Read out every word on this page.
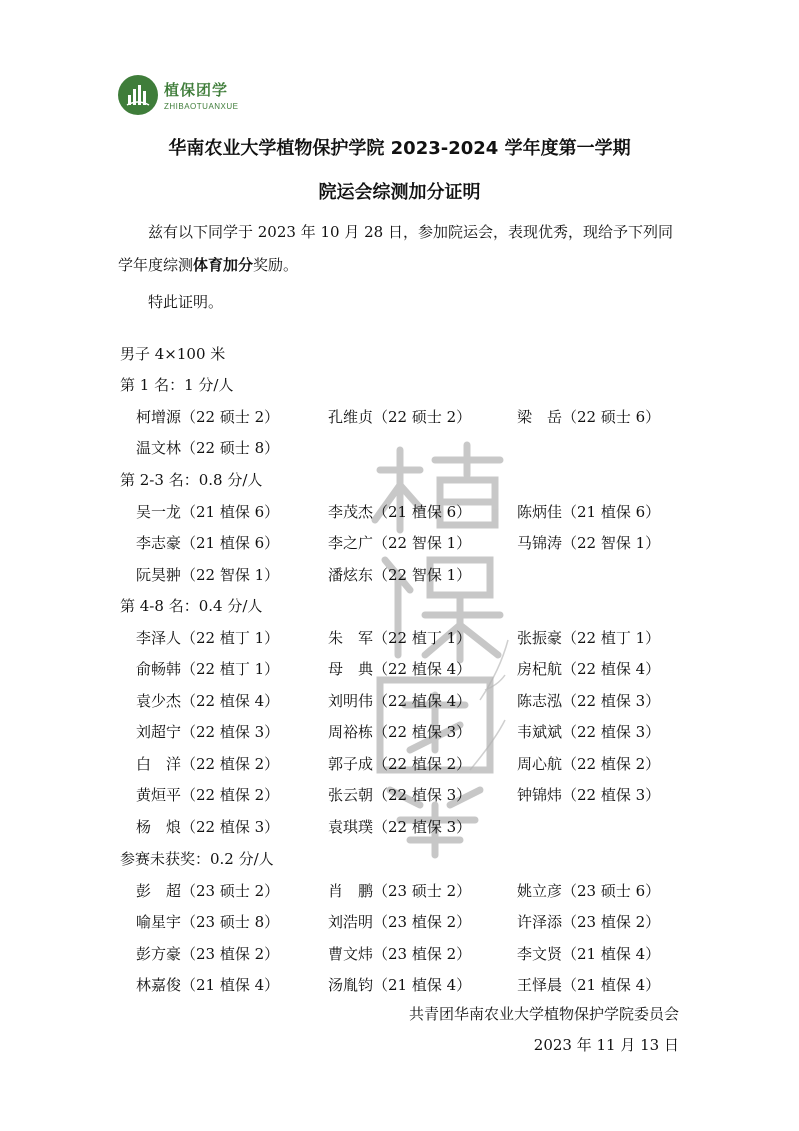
植保团学
ZHIBAOTUANXUE
华南农业大学植物保护学院 2023-2024 学年度第一学期
院运会综测加分证明
兹有以下同学于 2023 年 10 月 28 日，参加院运会，表现优秀，现给予下列同学年度综测体育加分奖励。
特此证明。
男子 4×100 米
第 1 名：1 分/人
柯增源（22 硕士 2）	孔维贞（22 硕士 2）	梁　岳（22 硕士 6）
温文林（22 硕士 8）
第 2-3 名：0.8 分/人
吴一龙（21 植保 6）	李茂杰（21 植保 6）	陈炳佳（21 植保 6）
李志豪（21 植保 6）	李之广（22 智保 1）	马锦涛（22 智保 1）
阮昊翀（22 智保 1）	潘炫东（22 智保 1）
第 4-8 名：0.4 分/人
李泽人（22 植丁 1）	朱　军（22 植丁 1）	张振豪（22 植丁 1）
俞畅韩（22 植丁 1）	母　典（22 植保 4）	房杞航（22 植保 4）
袁少杰（22 植保 4）	刘明伟（22 植保 4）	陈志泓（22 植保 3）
刘超宁（22 植保 3）	周裕栋（22 植保 3）	韦斌斌（22 植保 3）
白　洋（22 植保 2）	郭子成（22 植保 2）	周心航（22 植保 2）
黄烜平（22 植保 2）	张云朝（22 植保 3）	钟锦炜（22 植保 3）
杨　烺（22 植保 3）	袁琪璞（22 植保 3）
参赛未获奖：0.2 分/人
彭　超（23 硕士 2）	肖　鹏（23 硕士 2）	姚立彦（23 硕士 6）
喻星宇（23 硕士 8）	刘浩明（23 植保 2）	许泽添（23 植保 2）
彭方豪（23 植保 2）	曹文炜（23 植保 2）	李文贤（21 植保 4）
林嘉俊（21 植保 4）	汤胤钧（21 植保 4）	王怿晨（21 植保 4）
共青团华南农业大学植物保护学院委员会
2023 年 11 月 13 日
